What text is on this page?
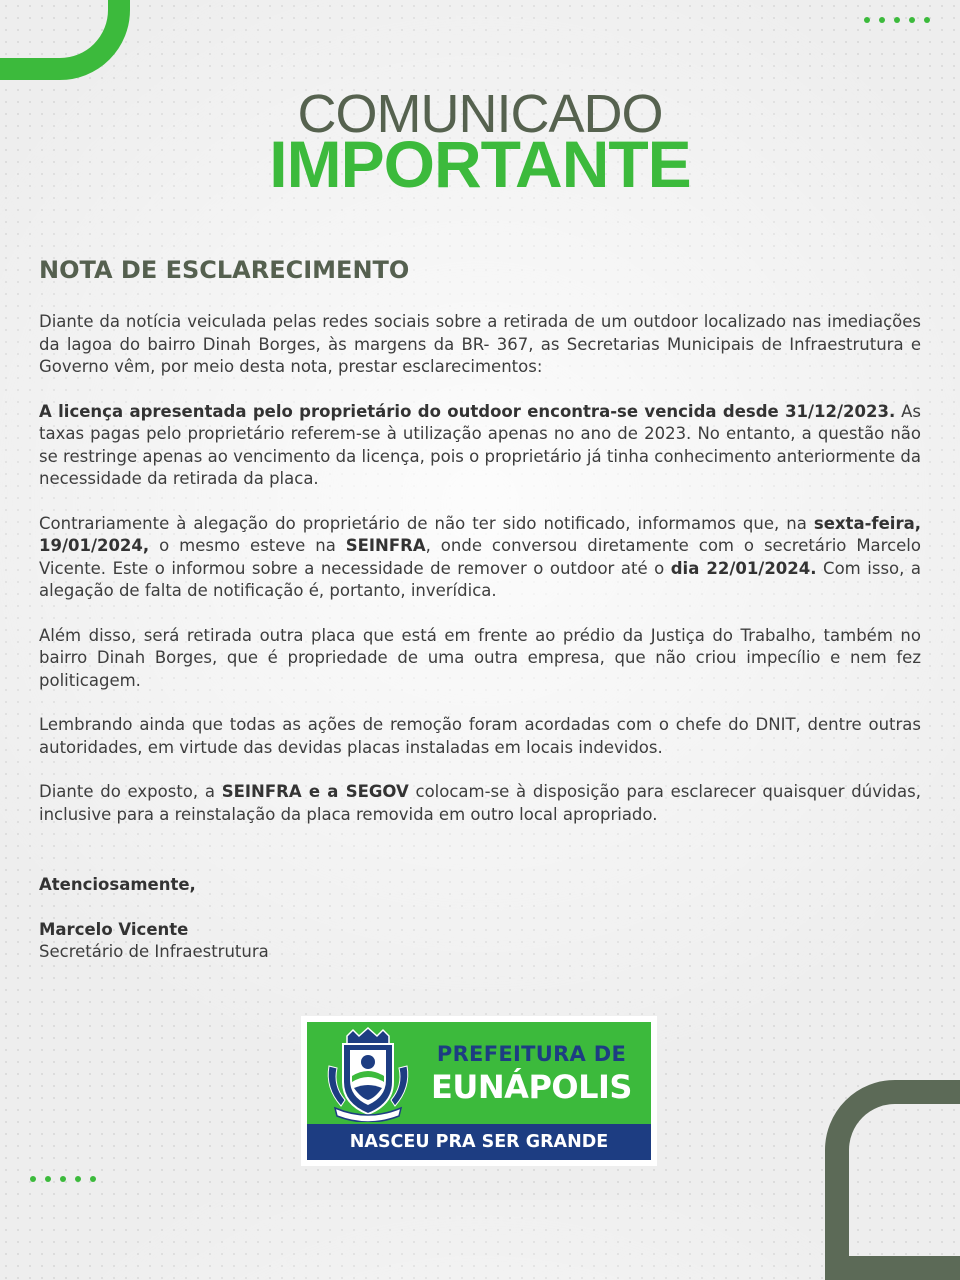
COMUNICADO
IMPORTANTE
NOTA DE ESCLARECIMENTO

Diante da notícia veiculada pelas redes sociais sobre a retirada de um outdoor localizado nas imediações da lagoa do bairro Dinah Borges, às margens da BR- 367, as Secretarias Municipais de Infraestrutura e Governo vêm, por meio desta nota, prestar esclarecimentos:

A licença apresentada pelo proprietário do outdoor encontra-se vencida desde 31/12/2023. As taxas pagas pelo proprietário referem-se à utilização apenas no ano de 2023. No entanto, a questão não se restringe apenas ao vencimento da licença, pois o proprietário já tinha conhecimento anteriormente da necessidade da retirada da placa.

Contrariamente à alegação do proprietário de não ter sido notificado, informamos que, na sexta-feira, 19/01/2024, o mesmo esteve na SEINFRA, onde conversou diretamente com o secretário Marcelo Vicente. Este o informou sobre a necessidade de remover o outdoor até o dia 22/01/2024. Com isso, a alegação de falta de notificação é, portanto, inverídica.

Além disso, será retirada outra placa que está em frente ao prédio da Justiça do Trabalho, também no bairro Dinah Borges, que é propriedade de uma outra empresa, que não criou impecílio e nem fez politicagem.

Lembrando ainda que todas as ações de remoção foram acordadas com o chefe do DNIT, dentre outras autoridades, em virtude das devidas placas instaladas em locais indevidos.

Diante do exposto, a SEINFRA e a SEGOV colocam-se à disposição para esclarecer quaisquer dúvidas, inclusive para a reinstalação da placa removida em outro local apropriado.

Atenciosamente,
Marcelo Vicente
Secretário de Infraestrutura
PREFEITURA DE
EUNÁPOLIS
NASCEU PRA SER GRANDE
